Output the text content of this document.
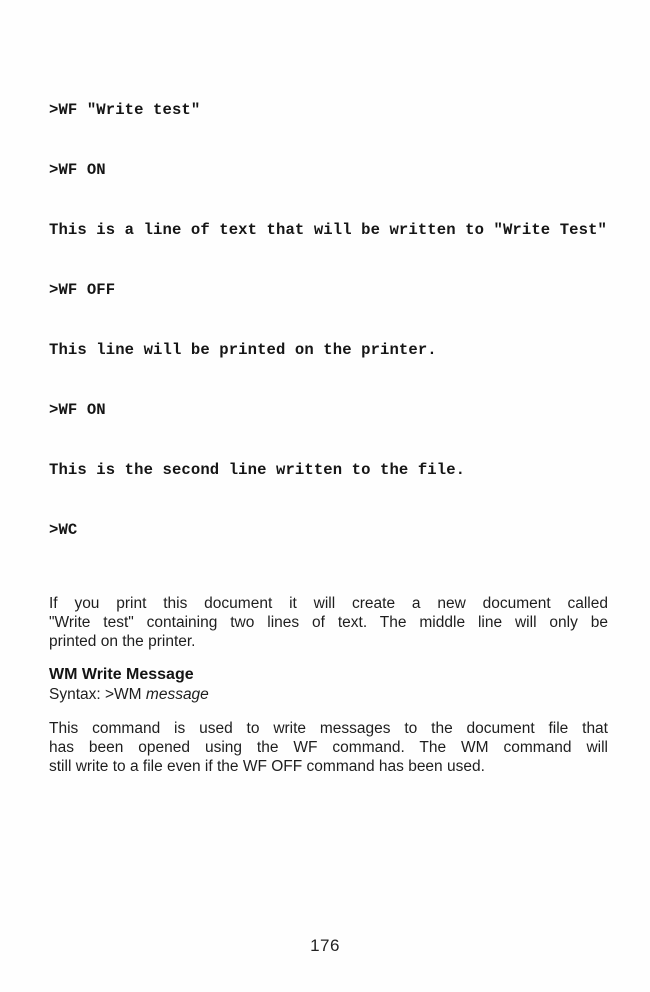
>WF "Write test"

>WF ON

This is a line of text that will be written to "Write Test"

>WF OFF

This line will be printed on the printer.

>WF ON

This is the second line written to the file.

>WC

If you print this document it will create a new document called
"Write test" containing two lines of text. The middle line will only be
printed on the printer.
WM Write Message
Syntax: >WM message
This command is used to write messages to the document file that
has been opened using the WF command. The WM command will
still write to a file even if the WF OFF command has been used.
176
